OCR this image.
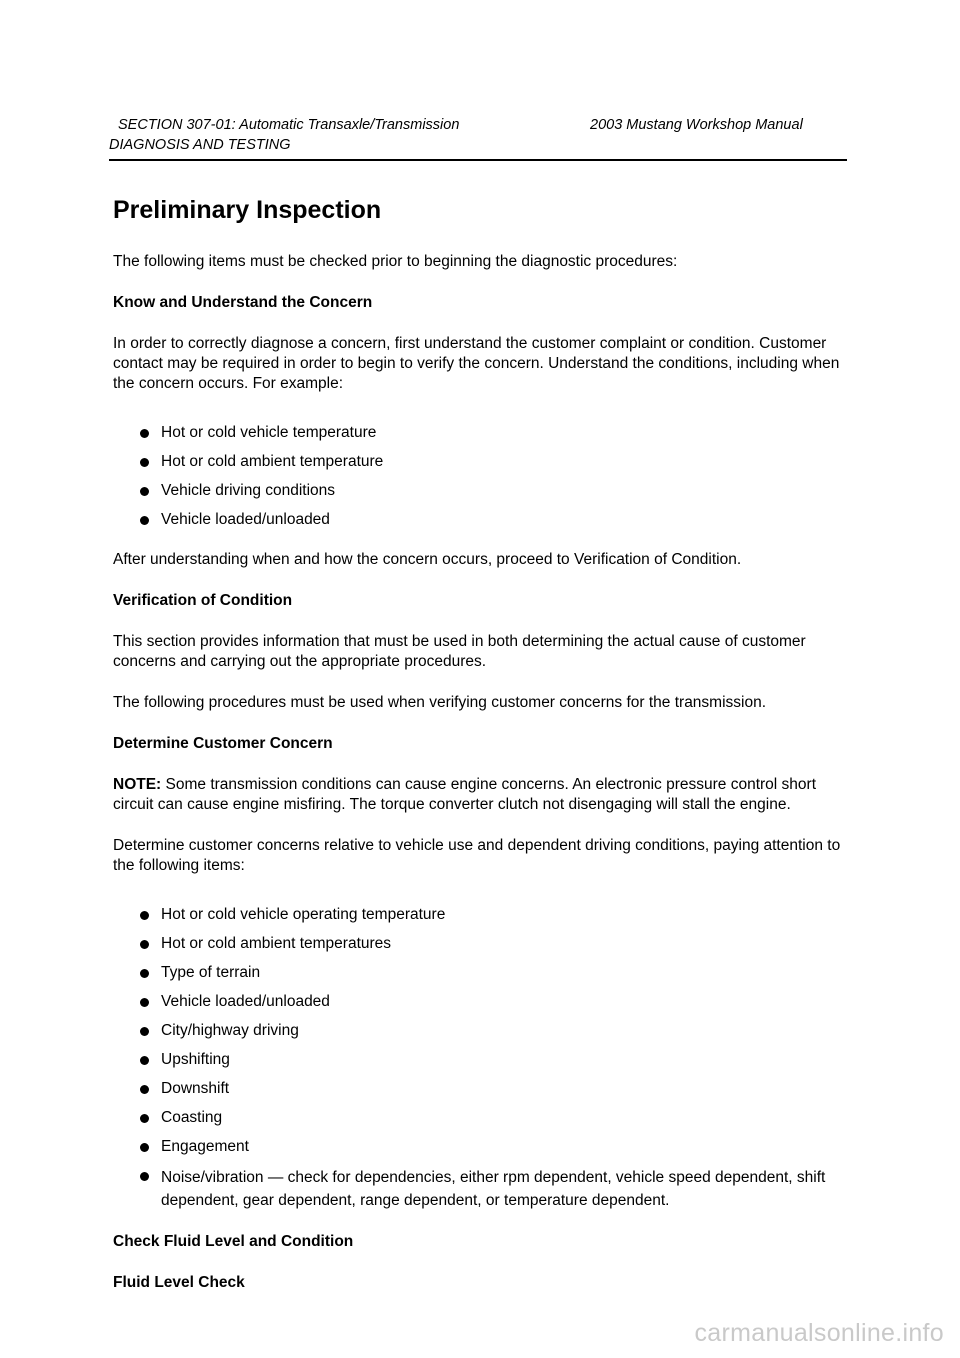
SECTION 307-01: Automatic Transaxle/Transmission	2003 Mustang Workshop Manual
DIAGNOSIS AND TESTING
Preliminary Inspection

The following items must be checked prior to beginning the diagnostic procedures:

Know and Understand the Concern

In order to correctly diagnose a concern, first understand the customer complaint or condition. Customer contact may be required in order to begin to verify the concern. Understand the conditions, including when the concern occurs. For example:

Hot or cold vehicle temperature
Hot or cold ambient temperature
Vehicle driving conditions
Vehicle loaded/unloaded

After understanding when and how the concern occurs, proceed to Verification of Condition.

Verification of Condition

This section provides information that must be used in both determining the actual cause of customer concerns and carrying out the appropriate procedures.

The following procedures must be used when verifying customer concerns for the transmission.

Determine Customer Concern

NOTE: Some transmission conditions can cause engine concerns. An electronic pressure control short circuit can cause engine misfiring. The torque converter clutch not disengaging will stall the engine.

Determine customer concerns relative to vehicle use and dependent driving conditions, paying attention to the following items:

Hot or cold vehicle operating temperature
Hot or cold ambient temperatures
Type of terrain
Vehicle loaded/unloaded
City/highway driving
Upshifting
Downshift
Coasting
Engagement
Noise/vibration — check for dependencies, either rpm dependent, vehicle speed dependent, shift dependent, gear dependent, range dependent, or temperature dependent.

Check Fluid Level and Condition

Fluid Level Check

carmanualsonline.info
